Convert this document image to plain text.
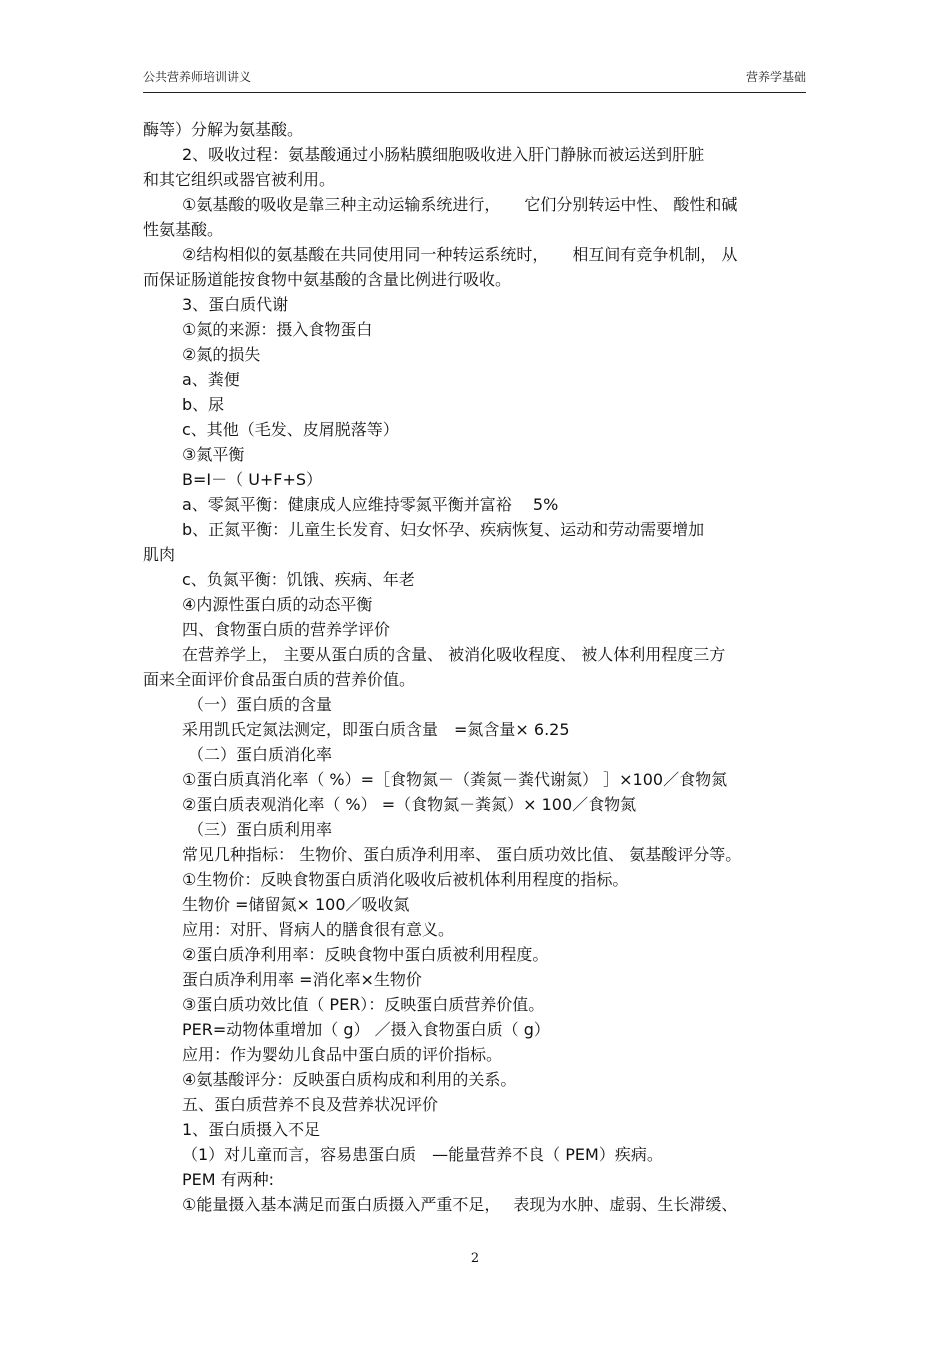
公共营养师培训讲义	营养学基础
酶等）分解为氨基酸。
2、吸收过程：氨基酸通过小肠粘膜细胞吸收进入肝门静脉而被运送到肝脏
和其它组织或器官被利用。
①氨基酸的吸收是靠三种主动运输系统进行，　　它们分别转运中性、 酸性和碱
性氨基酸。
②结构相似的氨基酸在共同使用同一种转运系统时，　　相互间有竞争机制， 从
而保证肠道能按食物中氨基酸的含量比例进行吸收。
3、蛋白质代谢
①氮的来源：摄入食物蛋白
②氮的损失
a、粪便
b、尿
c、其他（毛发、皮屑脱落等）
③氮平衡
B=I－（ U+F+S）
a、零氮平衡：健康成人应维持零氮平衡并富裕　 5%
b、正氮平衡：儿童生长发育、妇女怀孕、疾病恢复、运动和劳动需要增加
肌肉
c、负氮平衡：饥饿、疾病、年老
④内源性蛋白质的动态平衡
四、食物蛋白质的营养学评价
在营养学上， 主要从蛋白质的含量、 被消化吸收程度、 被人体利用程度三方
面来全面评价食品蛋白质的营养价值。
（一）蛋白质的含量
采用凯氏定氮法测定，即蛋白质含量　=氮含量× 6.25
（二）蛋白质消化率
①蛋白质真消化率（ %）=［食物氮－（粪氮－粪代谢氮） ］×100／食物氮
②蛋白质表观消化率（ %） =（食物氮－粪氮）× 100／食物氮
（三）蛋白质利用率
常见几种指标： 生物价、蛋白质净利用率、 蛋白质功效比值、 氨基酸评分等。
①生物价：反映食物蛋白质消化吸收后被机体利用程度的指标。
生物价 =储留氮× 100／吸收氮
应用：对肝、肾病人的膳食很有意义。
②蛋白质净利用率：反映食物中蛋白质被利用程度。
蛋白质净利用率 =消化率×生物价
③蛋白质功效比值（ PER）：反映蛋白质营养价值。
PER=动物体重增加（ g） ／摄入食物蛋白质（ g）
应用：作为婴幼儿食品中蛋白质的评价指标。
④氨基酸评分：反映蛋白质构成和利用的关系。
五、蛋白质营养不良及营养状况评价
1、蛋白质摄入不足
（1）对儿童而言，容易患蛋白质　—能量营养不良（ PEM）疾病。
PEM 有两种:
①能量摄入基本满足而蛋白质摄入严重不足，　 表现为水肿、虚弱、生长滞缓、
2
